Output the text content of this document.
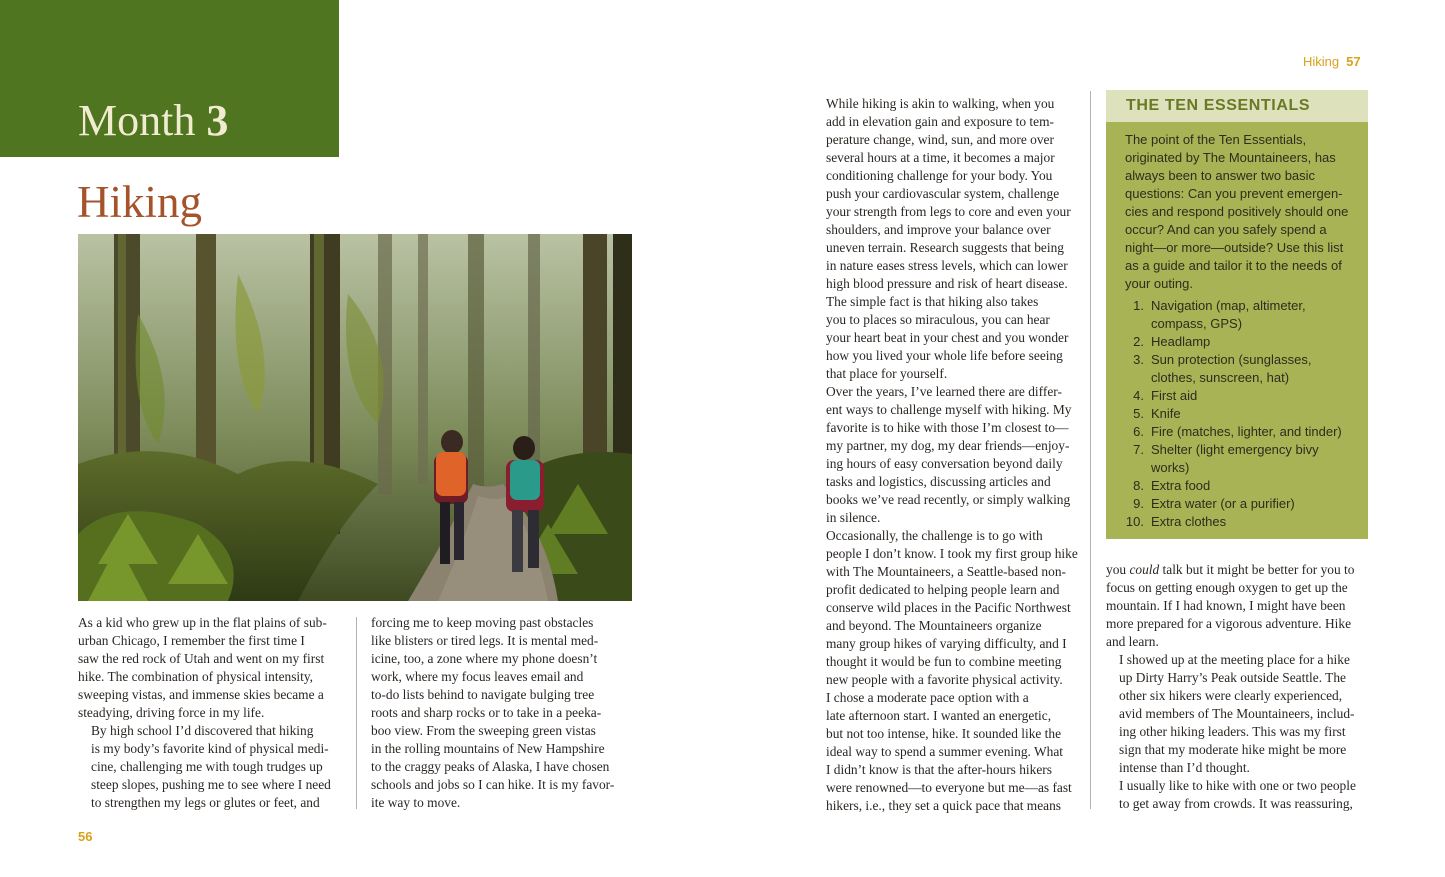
Month 3
Hiking

As a kid who grew up in the flat plains of sub-
urban Chicago, I remember the first time I
saw the red rock of Utah and went on my first
hike. The combination of physical intensity,
sweeping vistas, and immense skies became a
steadying, driving force in my life.

By high school I’d discovered that hiking
is my body’s favorite kind of physical medi-
cine, challenging me with tough trudges up
steep slopes, pushing me to see where I need
to strengthen my legs or glutes or feet, and

forcing me to keep moving past obstacles
like blisters or tired legs. It is mental med-
icine, too, a zone where my phone doesn’t
work, where my focus leaves email and
to-do lists behind to navigate bulging tree
roots and sharp rocks or to take in a peeka-
boo view. From the sweeping green vistas
in the rolling mountains of New Hampshire
to the craggy peaks of Alaska, I have chosen
schools and jobs so I can hike. It is my favor-
ite way to move.

56
Hiking 57

While hiking is akin to walking, when you
add in elevation gain and exposure to tem-
perature change, wind, sun, and more over
several hours at a time, it becomes a major
conditioning challenge for your body. You
push your cardiovascular system, challenge
your strength from legs to core and even your
shoulders, and improve your balance over
uneven terrain. Research suggests that being
in nature eases stress levels, which can lower
high blood pressure and risk of heart disease.

The simple fact is that hiking also takes
you to places so miraculous, you can hear
your heart beat in your chest and you wonder
how you lived your whole life before seeing
that place for yourself.

Over the years, I’ve learned there are differ-
ent ways to challenge myself with hiking. My
favorite is to hike with those I’m closest to—
my partner, my dog, my dear friends—enjoy-
ing hours of easy conversation beyond daily
tasks and logistics, discussing articles and
books we’ve read recently, or simply walking
in silence.

Occasionally, the challenge is to go with
people I don’t know. I took my first group hike
with The Mountaineers, a Seattle-based non-
profit dedicated to helping people learn and
conserve wild places in the Pacific Northwest
and beyond. The Mountaineers organize
many group hikes of varying difficulty, and I
thought it would be fun to combine meeting
new people with a favorite physical activity.

I chose a moderate pace option with a
late afternoon start. I wanted an energetic,
but not too intense, hike. It sounded like the
ideal way to spend a summer evening. What
I didn’t know is that the after-hours hikers
were renowned—to everyone but me—as fast
hikers, i.e., they set a quick pace that means

THE TEN ESSENTIALS
The point of the Ten Essentials,
originated by The Mountaineers, has
always been to answer two basic
questions: Can you prevent emergen-
cies and respond positively should one
occur? And can you safely spend a
night—or more—outside? Use this list
as a guide and tailor it to the needs of
your outing.
1. Navigation (map, altimeter,
compass, GPS)
2. Headlamp
3. Sun protection (sunglasses,
clothes, sunscreen, hat)
4. First aid
5. Knife
6. Fire (matches, lighter, and tinder)
7. Shelter (light emergency bivy
works)
8. Extra food
9. Extra water (or a purifier)
10. Extra clothes

you could talk but it might be better for you to
focus on getting enough oxygen to get up the
mountain. If I had known, I might have been
more prepared for a vigorous adventure. Hike
and learn.

I showed up at the meeting place for a hike
up Dirty Harry’s Peak outside Seattle. The
other six hikers were clearly experienced,
avid members of The Mountaineers, includ-
ing other hiking leaders. This was my first
sign that my moderate hike might be more
intense than I’d thought.

I usually like to hike with one or two people
to get away from crowds. It was reassuring,
